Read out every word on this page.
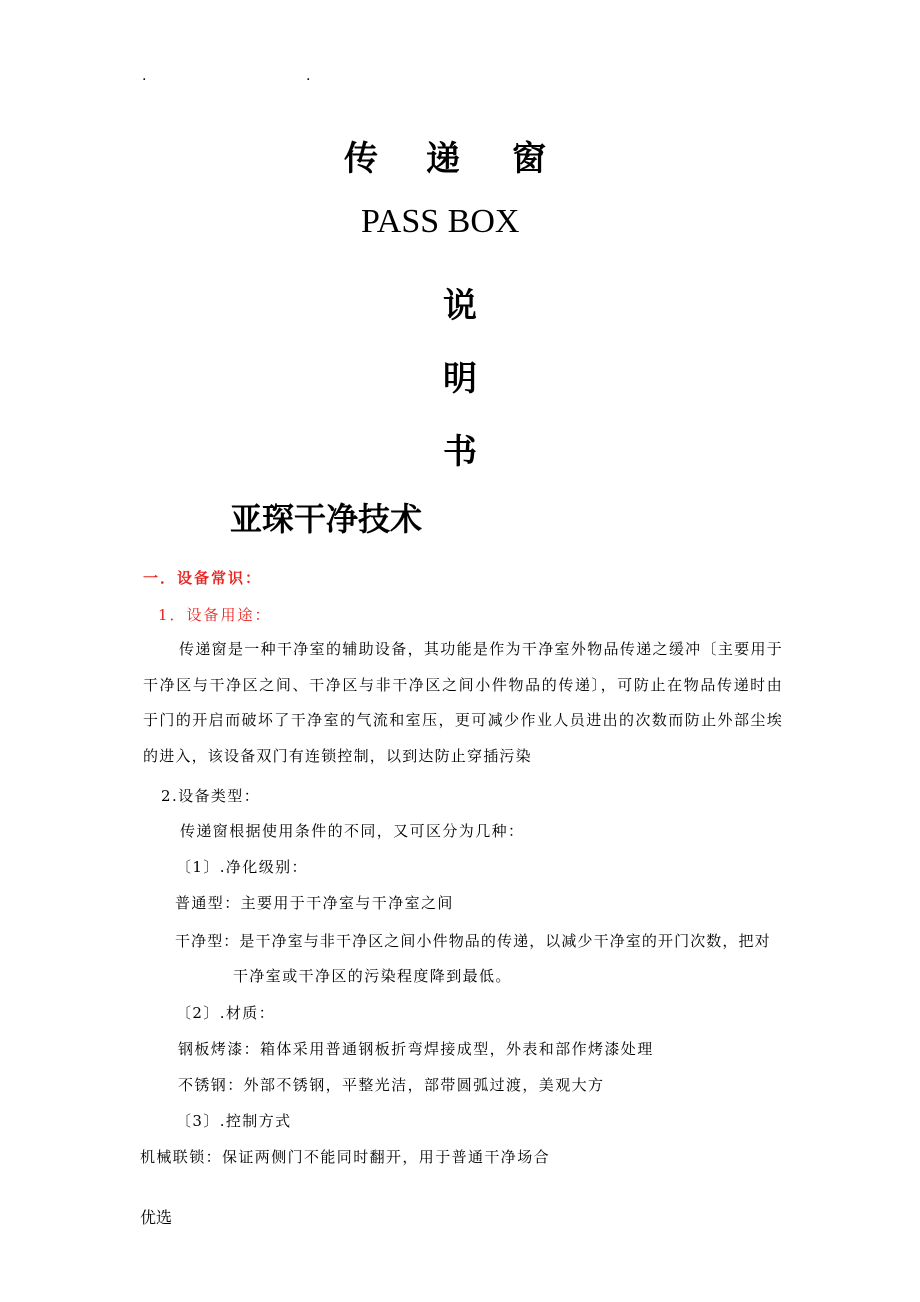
.	.
传 递 窗
PASS BOX
说
明
书
亚琛干净技术
一．设备常识：
1．设备用途：
传递窗是一种干净室的辅助设备，其功能是作为干净室外物品传递之缓冲〔主要用于干净区与干净区之间、干净区与非干净区之间小件物品的传递〕，可防止在物品传递时由于门的开启而破坏了干净室的气流和室压，更可减少作业人员进出的次数而防止外部尘埃的进入，该设备双门有连锁控制，以到达防止穿插污染
2.设备类型：
传递窗根据使用条件的不同，又可区分为几种：
〔1〕.净化级别：
普通型：主要用于干净室与干净室之间
干净型：是干净室与非干净区之间小件物品的传递，以减少干净室的开门次数，把对
干净室或干净区的污染程度降到最低。
〔2〕.材质：
钢板烤漆：箱体采用普通钢板折弯焊接成型，外表和部作烤漆处理
不锈钢：外部不锈钢，平整光洁，部带圆弧过渡，美观大方
〔3〕.控制方式
机械联锁：保证两侧门不能同时翻开，用于普通干净场合
优选
